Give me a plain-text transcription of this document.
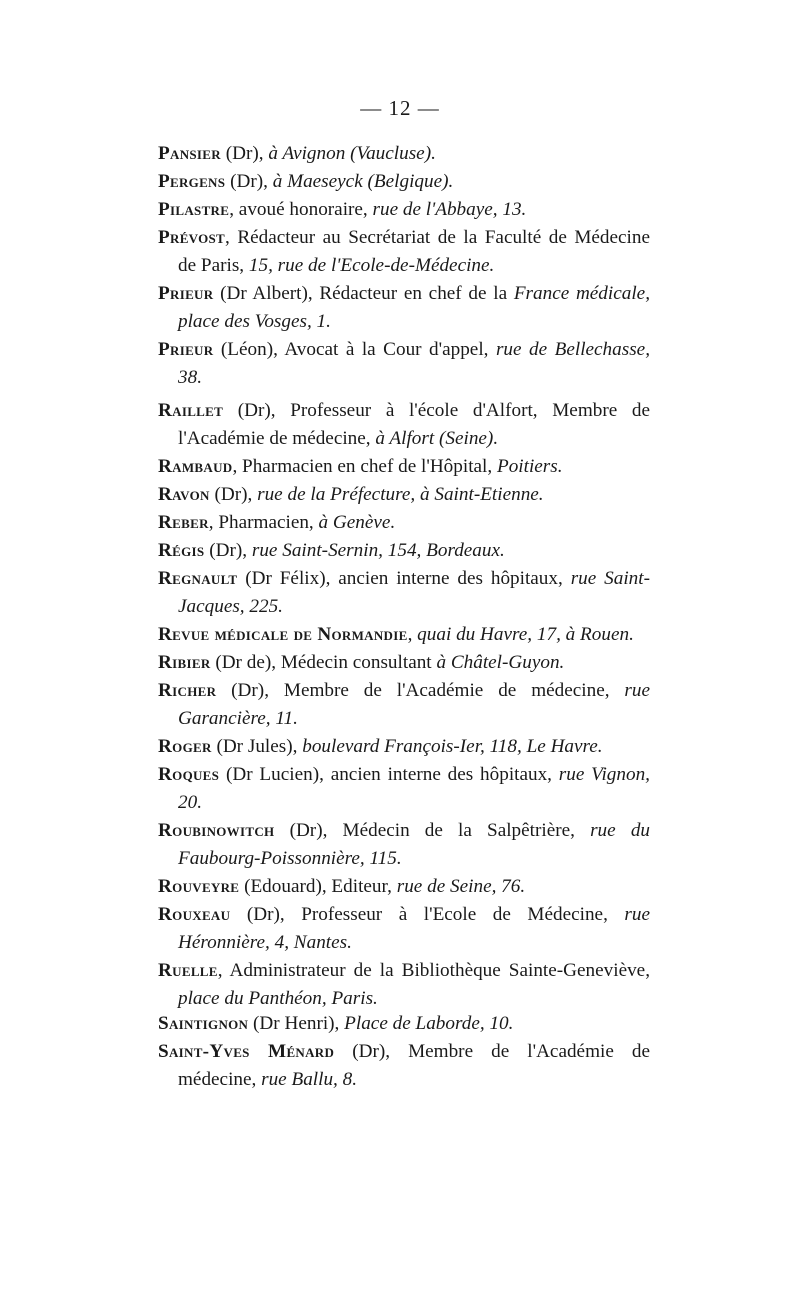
— 12 —

Pansier (Dr), à Avignon (Vaucluse).

Pergens (Dr), à Maeseyck (Belgique).

Pilastre, avoué honoraire, rue de l'Abbaye, 13.

Prévost, Rédacteur au Secrétariat de la Faculté de Médecine de Paris, 15, rue de l'Ecole-de-Médecine.

Prieur (Dr Albert), Rédacteur en chef de la France médicale, place des Vosges, 1.

Prieur (Léon), Avocat à la Cour d'appel, rue de Bellechasse, 38.

Raillet (Dr), Professeur à l'école d'Alfort, Membre de l'Académie de médecine, à Alfort (Seine).

Rambaud, Pharmacien en chef de l'Hôpital, Poitiers.

Ravon (Dr), rue de la Préfecture, à Saint-Etienne.

Reber, Pharmacien, à Genève.

Régis (Dr), rue Saint-Sernin, 154, Bordeaux.

Regnault (Dr Félix), ancien interne des hôpitaux, rue Saint-Jacques, 225.

Revue médicale de Normandie, quai du Havre, 17, à Rouen.

Ribier (Dr de), Médecin consultant à Châtel-Guyon.

Richer (Dr), Membre de l'Académie de médecine, rue Garancière, 11.

Roger (Dr Jules), boulevard François-Ier, 118, Le Havre.

Roques (Dr Lucien), ancien interne des hôpitaux, rue Vignon, 20.

Roubinowitch (Dr), Médecin de la Salpêtrière, rue du Faubourg-Poissonnière, 115.

Rouveyre (Edouard), Editeur, rue de Seine, 76.

Rouxeau (Dr), Professeur à l'Ecole de Médecine, rue Héronnière, 4, Nantes.

Ruelle, Administrateur de la Bibliothèque Sainte-Geneviève, place du Panthéon, Paris.

Saintignon (Dr Henri), Place de Laborde, 10.

Saint-Yves Ménard (Dr), Membre de l'Académie de médecine, rue Ballu, 8.
